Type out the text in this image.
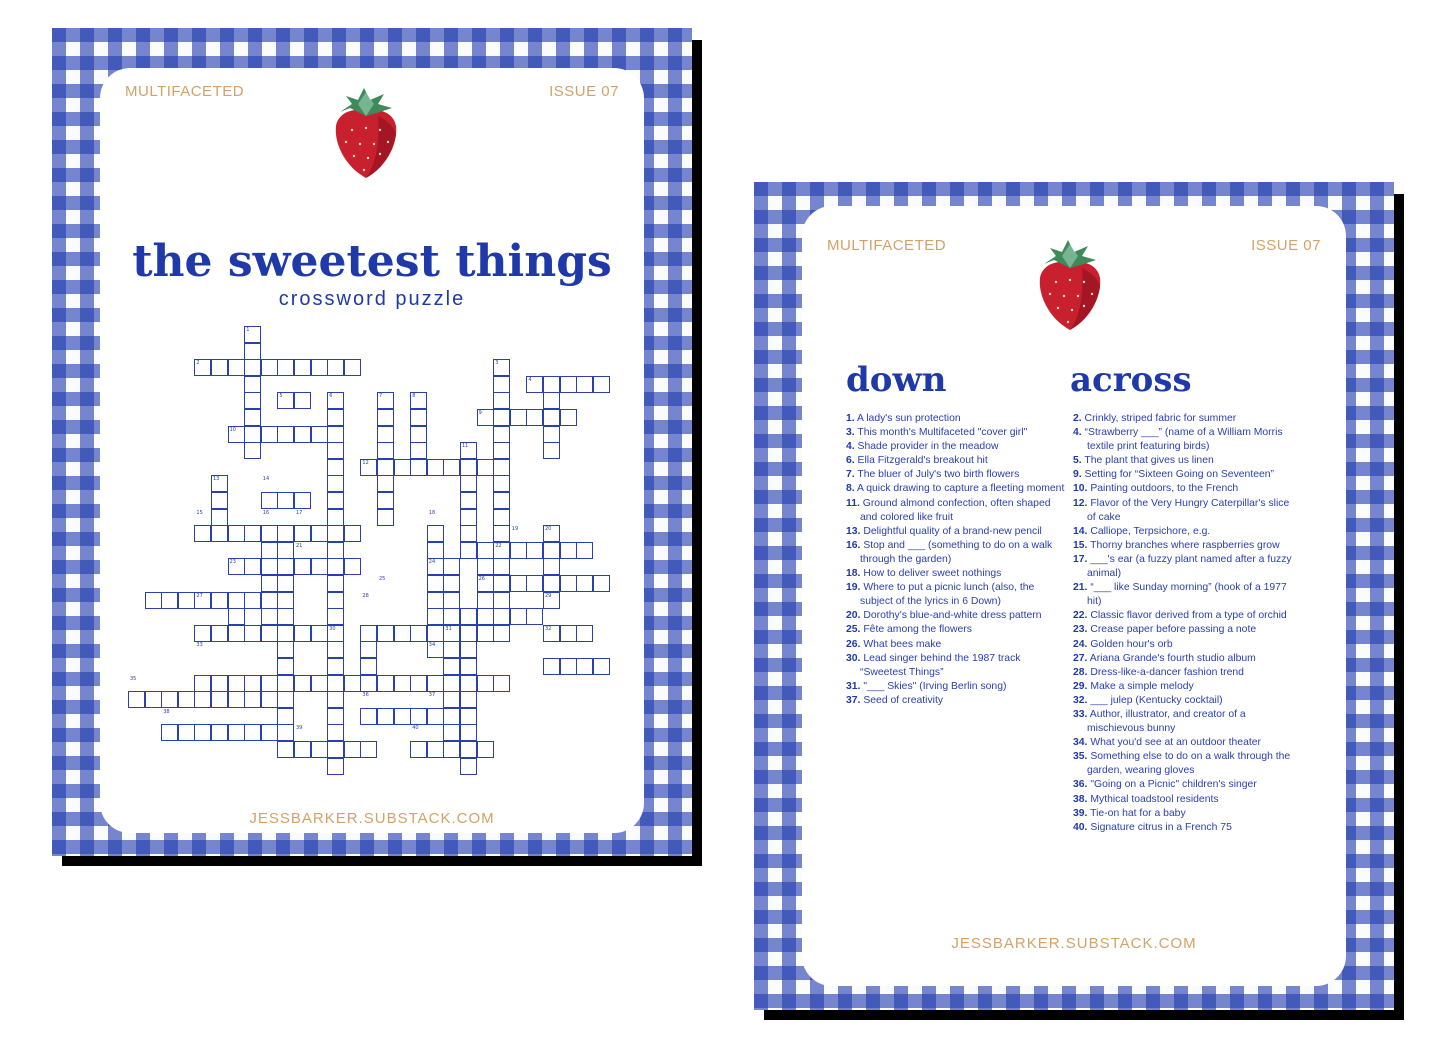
MULTIFACETED	ISSUE 07
the sweetest things
crossword puzzle
1
2	3
4
5	6	7	8
9
10
11
12
13	14
15	16	17	18
19	20
21	22
23	24
25	26
27	28	29
30	31	32
33	34
35
36	37
38
39	40
JESSBARKER.SUBSTACK.COM
MULTIFACETED	ISSUE 07
down	across
1. A lady's sun protection
3. This month's Multifaceted "cover girl"
4. Shade provider in the meadow
6. Ella Fitzgerald's breakout hit
7. The bluer of July's two birth flowers
8. A quick drawing to capture a fleeting moment
11. Ground almond confection, often shaped and colored like fruit
13. Delightful quality of a brand-new pencil
16. Stop and ___ (something to do on a walk through the garden)
18. How to deliver sweet nothings
19. Where to put a picnic lunch (also, the subject of the lyrics in 6 Down)
20. Dorothy's blue-and-white dress pattern
25. Fête among the flowers
26. What bees make
30. Lead singer behind the 1987 track “Sweetest Things”
31. "___ Skies" (Irving Berlin song)
37. Seed of creativity
2. Crinkly, striped fabric for summer
4. “Strawberry ___” (name of a William Morris textile print featuring birds)
5. The plant that gives us linen
9. Setting for “Sixteen Going on Seventeen”
10. Painting outdoors, to the French
12. Flavor of the Very Hungry Caterpillar's slice of cake
14. Calliope, Terpsichore, e.g.
15. Thorny branches where raspberries grow
17. ___'s ear (a fuzzy plant named after a fuzzy animal)
21. “___ like Sunday morning” (hook of a 1977 hit)
22. Classic flavor derived from a type of orchid
23. Crease paper before passing a note
24. Golden hour's orb
27. Ariana Grande's fourth studio album
28. Dress-like-a-dancer fashion trend
29. Make a simple melody
32. ___ julep (Kentucky cocktail)
33. Author, illustrator, and creator of a mischievous bunny
34. What you'd see at an outdoor theater
35. Something else to do on a walk through the garden, wearing gloves
36. "Going on a Picnic" children's singer
38. Mythical toadstool residents
39. Tie-on hat for a baby
40. Signature citrus in a French 75
JESSBARKER.SUBSTACK.COM
